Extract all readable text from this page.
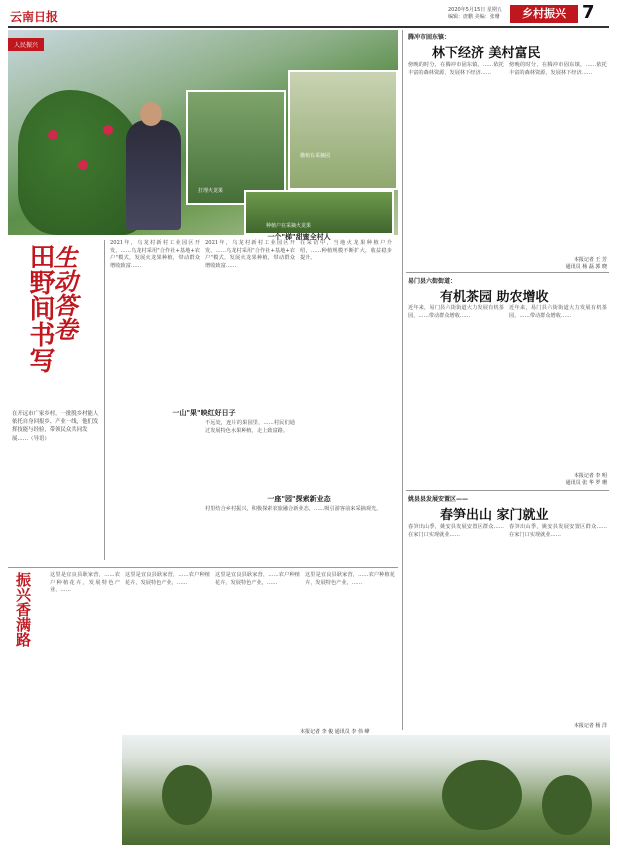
云南日报	2020年5月15日 星期五
编辑：唐鹏 美编：张珊	乡村振兴 7
人民振兴
打理火龙果
楹棺在采摘园
种植户在采摘火龙果
田野间书写
生动答卷
在开远市广家乡村，一批脱乡村能人依托自身回报乡、产业一线，他们发挥技能与经验，带领民众共同发展……（导语）
2021年，乌龙村新村工业园区开发，……乌龙村采用"合作社+基地+农户"模式，发展火龙果种植，带动群众增收致富……
2021年，乌龙村新村工业园区开发，……乌龙村采用"合作社+基地+农户"模式，发展火龙果种植，带动群众增收致富……
一山"果"映红好日子
一个"梯"甜蜜全村人
不远处，连片的果园里，……村民们通过发展特色水果种植，走上致富路。
在采访中，当地火龙果种植户介绍，……种植规模不断扩大，收益稳步提升。
一座"园"探索新业态
村里结合乡村振兴，积极探索农旅融合新业态，……吸引游客前来采摘观光。
振兴香满路	这里是宜良县耿家营，……农户种植花卉，发展特色产业，……
这里是宜良县耿家营，……农户种植花卉，发展特色产业，……
这里是宜良县耿家营，……农户种植花卉，发展特色产业，……
这里是宜良县耿家营，……农户种植花卉，发展特色产业，……
腾冲市固东镇：
林下经济 美村富民
傍晚的时分，在腾冲市固东镇，……依托丰富的森林资源，发展林下经济……
傍晚的时分，在腾冲市固东镇，……依托丰富的森林资源，发展林下经济……
本报记者 王 芳
通讯员 杨 磊 郭 晓
易门县六街街道：
有机茶园 助农增收
近年来，易门县六街街道大力发展有机茶园，……带动群众增收……
近年来，易门县六街街道大力发展有机茶园，……带动群众增收……
本报记者 李 明
通讯员 张 华 罗 珊
姚县县发展安置区——
春笋出山 家门就业
春笋出山季，姚安县发展安置区群众……在家门口实现就业……
春笋出山季，姚安县发展安置区群众……在家门口实现就业……
本报记者 杨 洋
本报记者 李 俊 通讯员 李 伟 峰
